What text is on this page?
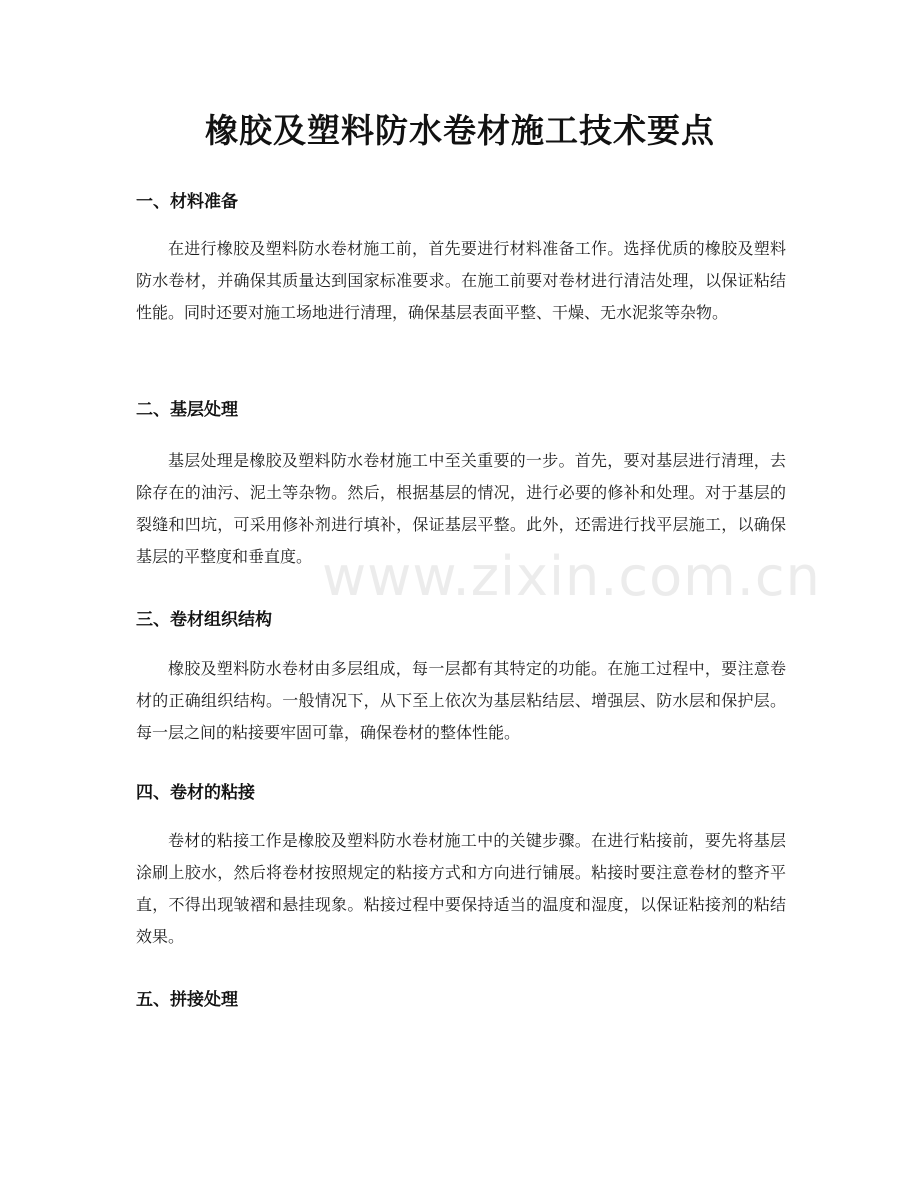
橡胶及塑料防水卷材施工技术要点
一、材料准备

在进行橡胶及塑料防水卷材施工前，首先要进行材料准备工作。选择优质的橡胶及塑料防水卷材，并确保其质量达到国家标准要求。在施工前要对卷材进行清洁处理，以保证粘结性能。同时还要对施工场地进行清理，确保基层表面平整、干燥、无水泥浆等杂物。

二、基层处理

基层处理是橡胶及塑料防水卷材施工中至关重要的一步。首先，要对基层进行清理，去除存在的油污、泥土等杂物。然后，根据基层的情况，进行必要的修补和处理。对于基层的裂缝和凹坑，可采用修补剂进行填补，保证基层平整。此外，还需进行找平层施工，以确保基层的平整度和垂直度。

三、卷材组织结构

橡胶及塑料防水卷材由多层组成，每一层都有其特定的功能。在施工过程中，要注意卷材的正确组织结构。一般情况下，从下至上依次为基层粘结层、增强层、防水层和保护层。每一层之间的粘接要牢固可靠，确保卷材的整体性能。

四、卷材的粘接

卷材的粘接工作是橡胶及塑料防水卷材施工中的关键步骤。在进行粘接前，要先将基层涂刷上胶水，然后将卷材按照规定的粘接方式和方向进行铺展。粘接时要注意卷材的整齐平直，不得出现皱褶和悬挂现象。粘接过程中要保持适当的温度和湿度，以保证粘接剂的粘结效果。

五、拼接处理
www.zixin.com.cn
